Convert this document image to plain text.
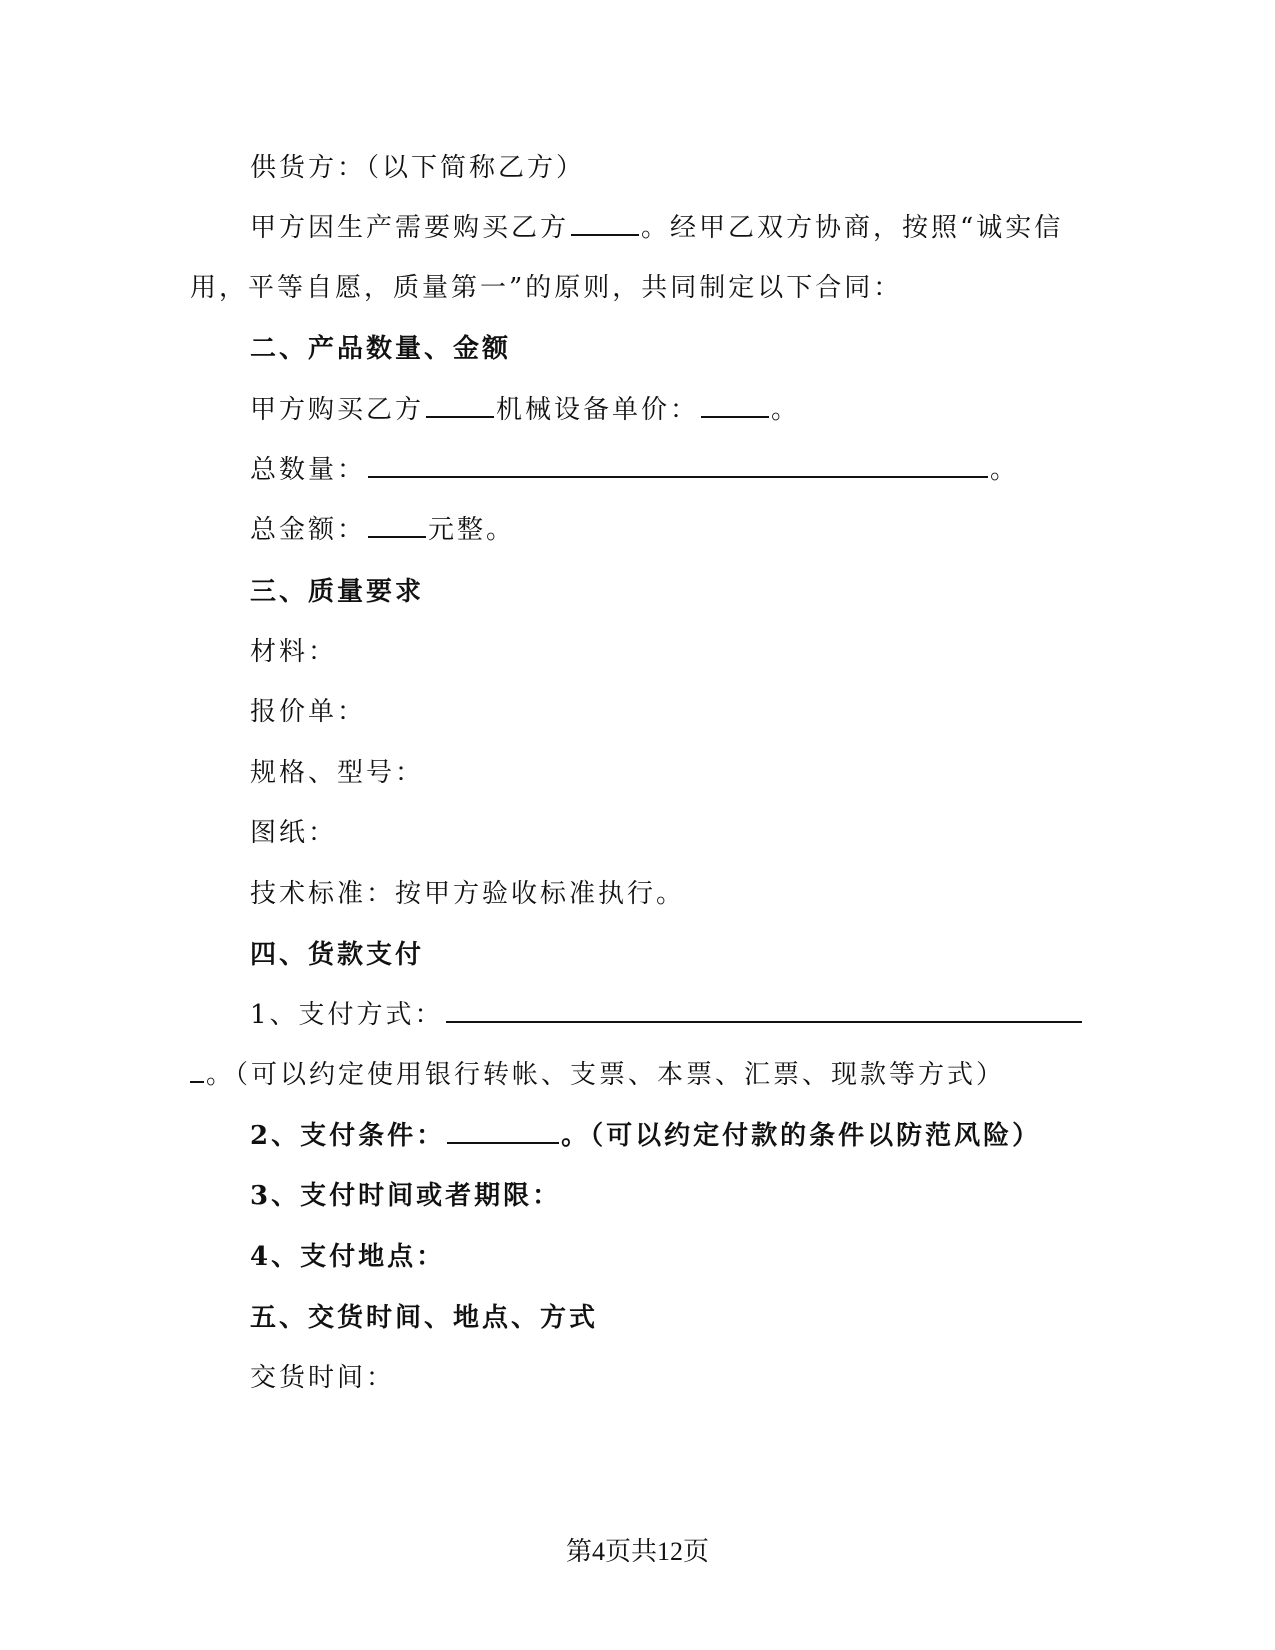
供货方：（以下简称乙方）
甲方因生产需要购买乙方	。经甲乙双方协商，按照“诚实信
用，平等自愿，质量第一”的原则，共同制定以下合同：
二、产品数量、金额
甲方购买乙方	机械设备单价：	。
总数量：	。
总金额： 元整。
三、质量要求
材料：
报价单：
规格、型号：
图纸：
技术标准：按甲方验收标准执行。
四、货款支付
1、支付方式：
。（可以约定使用银行转帐、支票、本票、汇票、现款等方式）
2、支付条件：	。（可以约定付款的条件以防范风险）
3、支付时间或者期限：
4、支付地点：
五、交货时间、地点、方式
交货时间：
第4页共12页
